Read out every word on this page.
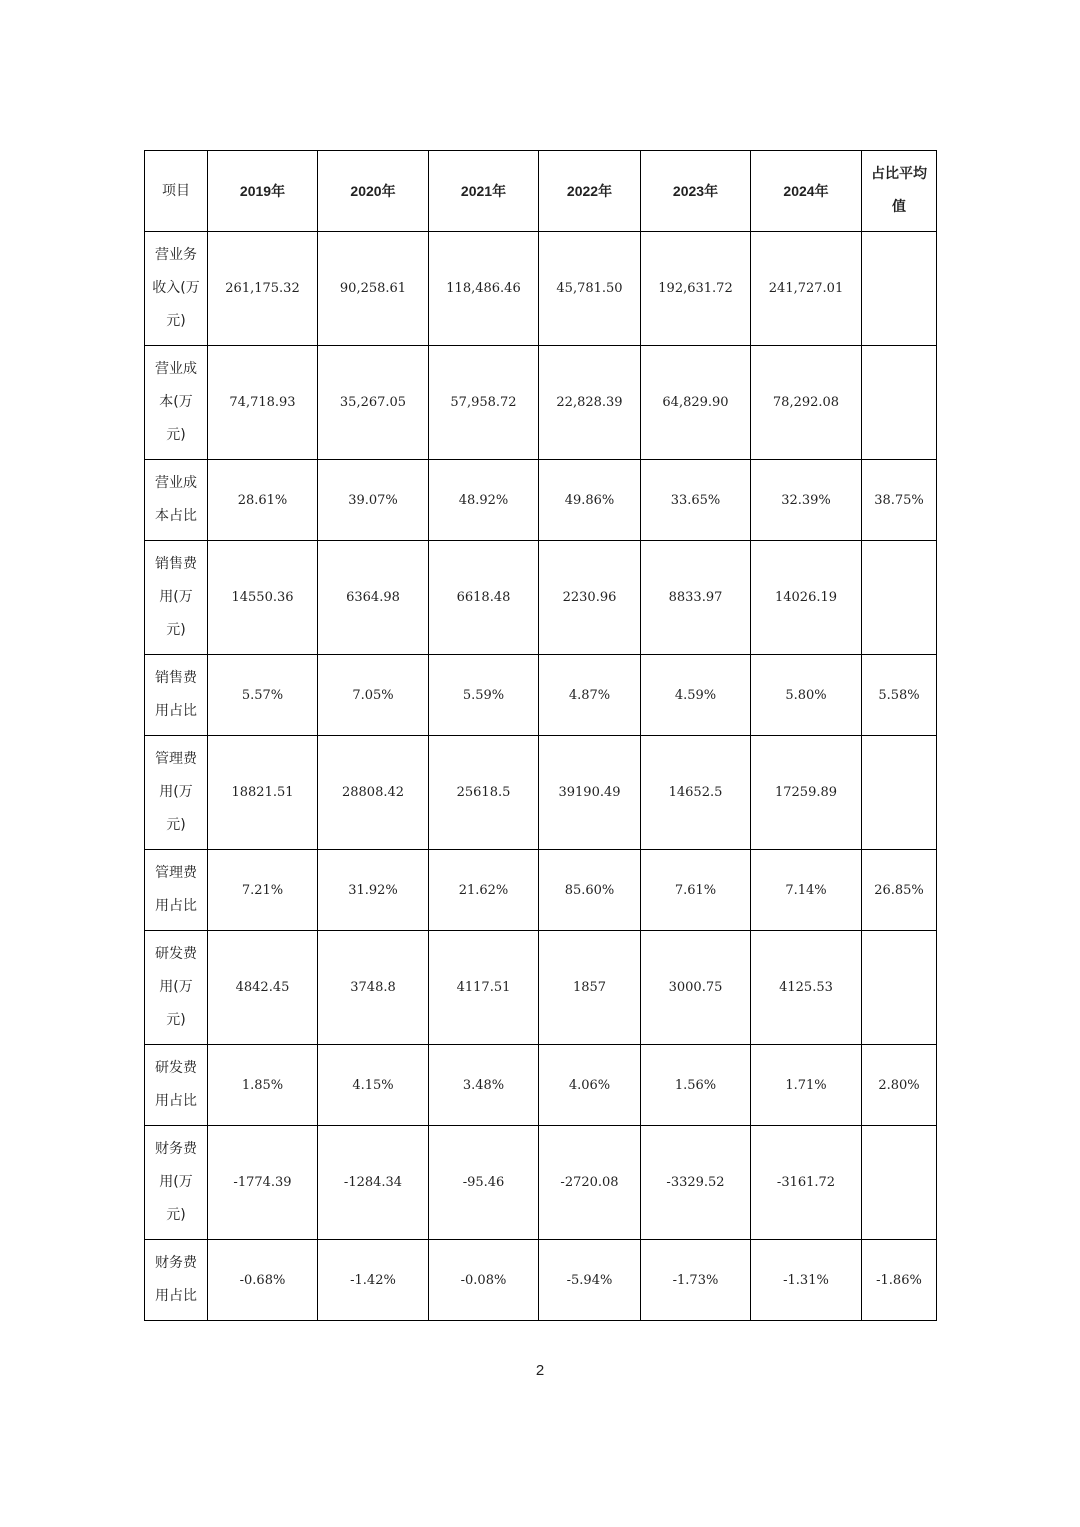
项目	2019年	2020年	2021年	2022年	2023年	2024年	占比平均值
营业务收入(万元)	261,175.32	90,258.61	118,486.46	45,781.50	192,631.72	241,727.01	
营业成本(万元)	74,718.93	35,267.05	57,958.72	22,828.39	64,829.90	78,292.08	
营业成本占比	28.61%	39.07%	48.92%	49.86%	33.65%	32.39%	38.75%
销售费用(万元)	14550.36	6364.98	6618.48	2230.96	8833.97	14026.19	
销售费用占比	5.57%	7.05%	5.59%	4.87%	4.59%	5.80%	5.58%
管理费用(万元)	18821.51	28808.42	25618.5	39190.49	14652.5	17259.89	
管理费用占比	7.21%	31.92%	21.62%	85.60%	7.61%	7.14%	26.85%
研发费用(万元)	4842.45	3748.8	4117.51	1857	3000.75	4125.53	
研发费用占比	1.85%	4.15%	3.48%	4.06%	1.56%	1.71%	2.80%
财务费用(万元)	-1774.39	-1284.34	-95.46	-2720.08	-3329.52	-3161.72	
财务费用占比	-0.68%	-1.42%	-0.08%	-5.94%	-1.73%	-1.31%	-1.86%
2
